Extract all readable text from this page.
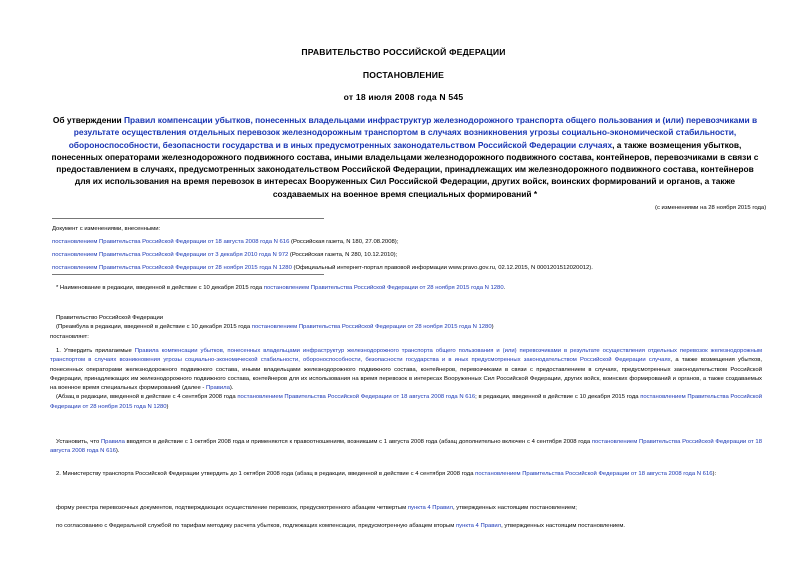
ПРАВИТЕЛЬСТВО РОССИЙСКОЙ ФЕДЕРАЦИИ
ПОСТАНОВЛЕНИЕ
от 18 июля 2008 года N 545
Об утверждении Правил компенсации убытков, понесенных владельцами инфраструктур железнодорожного транспорта общего пользования и (или) перевозчиками в результате осуществления отдельных перевозок железнодорожным транспортом в случаях возникновения угрозы социально-экономической стабильности, обороноспособности, безопасности государства и в иных предусмотренных законодательством Российской Федерации случаях, а также возмещения убытков, понесенных операторами железнодорожного подвижного состава, иными владельцами железнодорожного подвижного состава, контейнеров, перевозчиками в связи с предоставлением в случаях, предусмотренных законодательством Российской Федерации, принадлежащих им железнодорожного подвижного состава, контейнеров для их использования на время перевозок в интересах Вооруженных Сил Российской Федерации, других войск, воинских формирований и органов, а также создаваемых на военное время специальных формирований *
(с изменениями на 28 ноября 2015 года)
Документ с изменениями, внесенными:
постановлением Правительства Российской Федерации от 18 августа 2008 года N 616 (Российская газета, N 180, 27.08.2008);
постановлением Правительства Российской Федерации от 3 декабря 2010 года N 972 (Российская газета, N 280, 10.12.2010);
постановлением Правительства Российской Федерации от 28 ноября 2015 года N 1280 (Официальный интернет-портал правовой информации www.pravo.gov.ru, 02.12.2015, N 0001201512020012).
* Наименование в редакции, введенной в действие с 10 декабря 2015 года постановлением Правительства Российской Федерации от 28 ноября 2015 года N 1280.

Правительство Российской Федерации

(Преамбула в редакции, введенной в действие с 10 декабря 2015 года постановлением Правительства Российской Федерации от 28 ноября 2015 года N 1280)

постановляет:

1. Утвердить прилагаемые Правила компенсации убытков, понесенных владельцами инфраструктур железнодорожного транспорта общего пользования и (или) перевозчиками в результате осуществления отдельных перевозок железнодорожным транспортом в случаях возникновения угрозы социально-экономической стабильности, обороноспособности, безопасности государства и в иных предусмотренных законодательством Российской Федерации случаях, а также возмещения убытков, понесенных операторами железнодорожного подвижного состава, иными владельцами железнодорожного подвижного состава, контейнеров, перевозчиками в связи с предоставлением в случаях, предусмотренных законодательством Российской Федерации, принадлежащих им железнодорожного подвижного состава, контейнеров для их использования на время перевозок в интересах Вооруженных Сил Российской Федерации, других войск, воинских формирований и органов, а также создаваемых на военное время специальных формирований (далее - Правила).

(Абзац в редакции, введенной в действие с 4 сентября 2008 года постановлением Правительства Российской Федерации от 18 августа 2008 года N 616; в редакции, введенной в действие с 10 декабря 2015 года постановлением Правительства Российской Федерации от 28 ноября 2015 года N 1280)

Установить, что Правила вводятся в действие с 1 октября 2008 года и применяются к правоотношениям, возникшим с 1 августа 2008 года (абзац дополнительно включен с 4 сентября 2008 года постановлением Правительства Российской Федерации от 18 августа 2008 года N 616).

2. Министерству транспорта Российской Федерации утвердить до 1 октября 2008 года (абзац в редакции, введенной в действие с 4 сентября 2008 года постановлением Правительства Российской Федерации от 18 августа 2008 года N 616):

форму реестра перевозочных документов, подтверждающих осуществление перевозок, предусмотренного абзацем четвертым пункта 4 Правил, утвержденных настоящим постановлением;

по согласованию с Федеральной службой по тарифам методику расчета убытков, подлежащих компенсации, предусмотренную абзацем вторым пункта 4 Правил, утвержденных настоящим постановлением.
